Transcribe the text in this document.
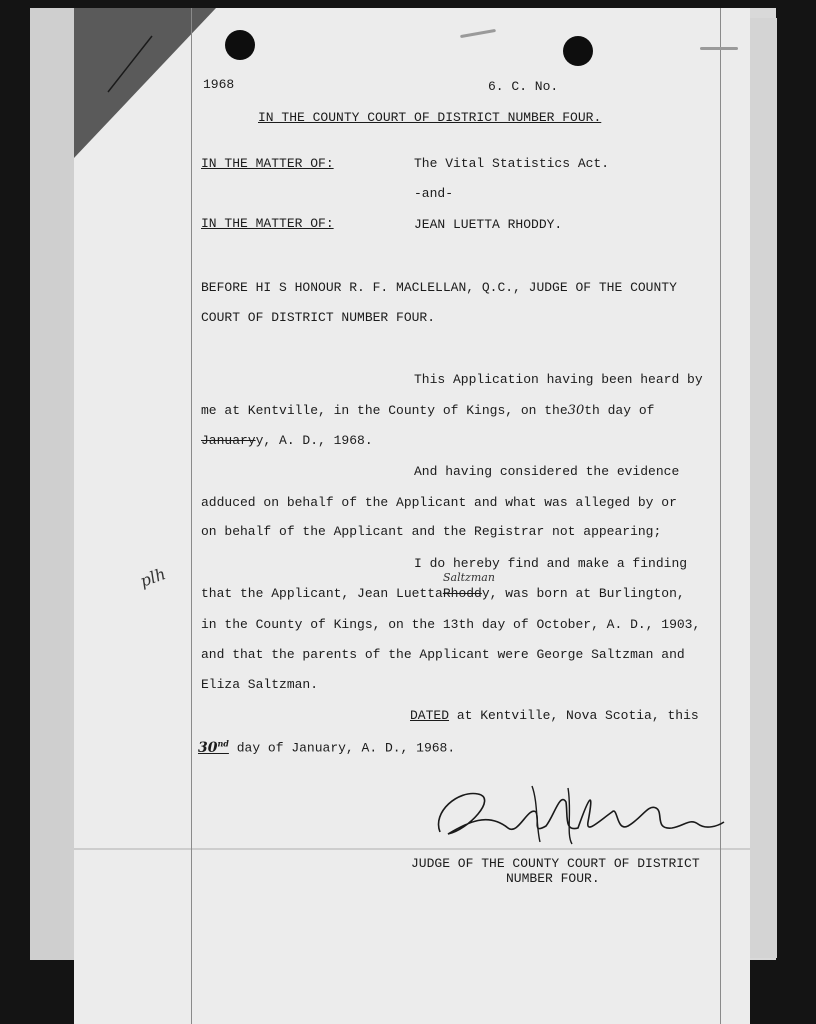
1968	6. C. No.
IN THE COUNTY COURT OF DISTRICT NUMBER FOUR.
IN THE MATTER OF:	The Vital Statistics Act.
-and-
IN THE MATTER OF:	JEAN LUETTA RHODDY.
BEFORE HI S HONOUR R. F. MACLELLAN, Q.C., JUDGE OF THE COUNTY
COURT OF DISTRICT NUMBER FOUR.
This Application having been heard by
me at Kentville, in the County of Kings, on the30th day of
Januaryy, A. D., 1968.
And having considered the evidence
adduced on behalf of the Applicant and what was alleged by or
on behalf of the Applicant and the Registrar not appearing;
I do hereby find and make a finding
Saltzman
that the Applicant, Jean LuettaRhoddy, was born at Burlington,
in the County of Kings, on the 13th day of October, A. D., 1903,
and that the parents of the Applicant were George Saltzman and
Eliza Saltzman.
plh
DATED at Kentville, Nova Scotia, this
30nd day of January, A. D., 1968.
JUDGE OF THE COUNTY COURT OF DISTRICT
NUMBER FOUR.
